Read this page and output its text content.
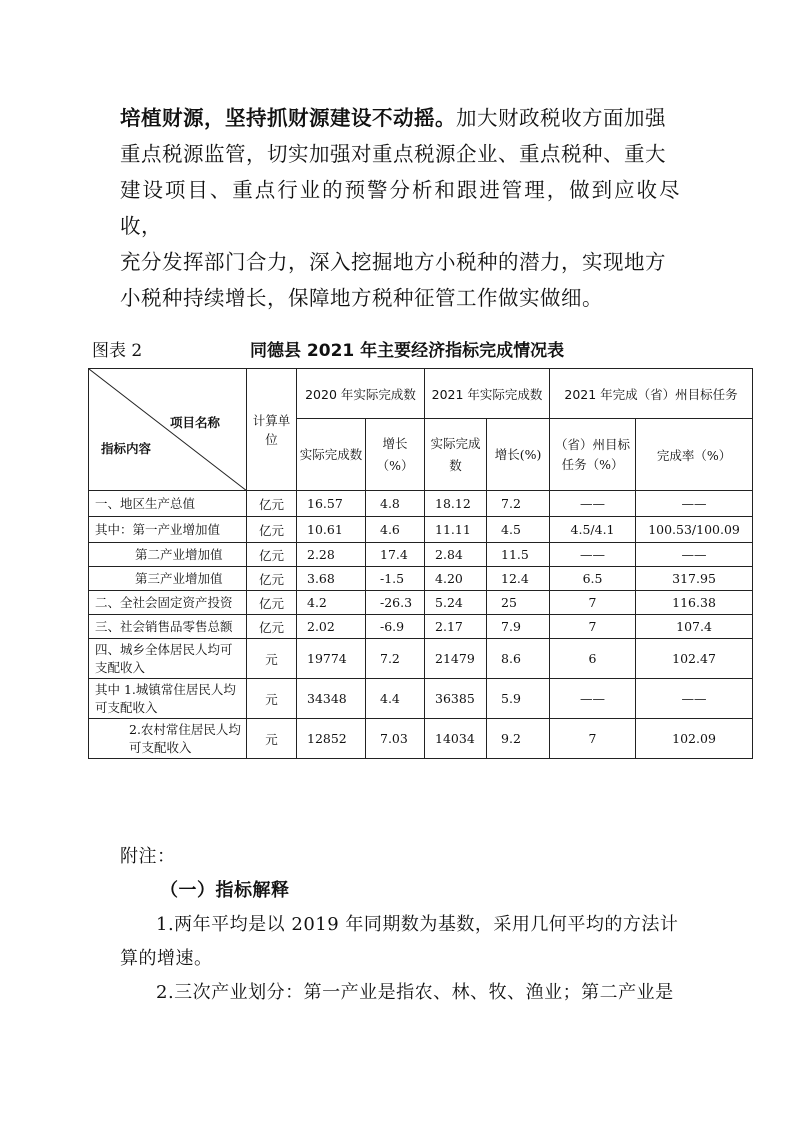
培植财源，坚持抓财源建设不动摇。加大财政税收方面加强

重点税源监管，切实加强对重点税源企业、重点税种、重大

建设项目、重点行业的预警分析和跟进管理，做到应收尽收，

充分发挥部门合力，深入挖掘地方小税种的潜力，实现地方

小税种持续增长，保障地方税种征管工作做实做细。

图表 2	同德县 2021 年主要经济指标完成情况表
项目名称
指标内容	计算单位	2020 年实际完成数		2021 年实际完成数		2021 年完成（省）州目标任务	
		实际完成数	增长（%）	实际完成数	增长(%)	（省）州目标任务（%）	完成率（%）
一、地区生产总值	亿元	16.57	4.8	18.12	7.2	——	——
其中：第一产业增加值	亿元	10.61	4.6	11.11	4.5	4.5/4.1	100.53/100.09
第二产业增加值	亿元	2.28	17.4	2.84	11.5	——	——
第三产业增加值	亿元	3.68	-1.5	4.20	12.4	6.5	317.95
二、全社会固定资产投资	亿元	4.2	-26.3	5.24	25	7	116.38
三、社会销售品零售总额	亿元	2.02	-6.9	2.17	7.9	7	107.4
四、城乡全体居民人均可支配收入	元	19774	7.2	21479	8.6	6	102.47
其中 1.城镇常住居民人均可支配收入	元	34348	4.4	36385	5.9	——	——
2.农村常住居民人均可支配收入	元	12852	7.03	14034	9.2	7	102.09

附注：

（一）指标解释

1.两年平均是以 2019 年同期数为基数，采用几何平均的方法计

算的增速。

2.三次产业划分：第一产业是指农、林、牧、渔业；第二产业是
